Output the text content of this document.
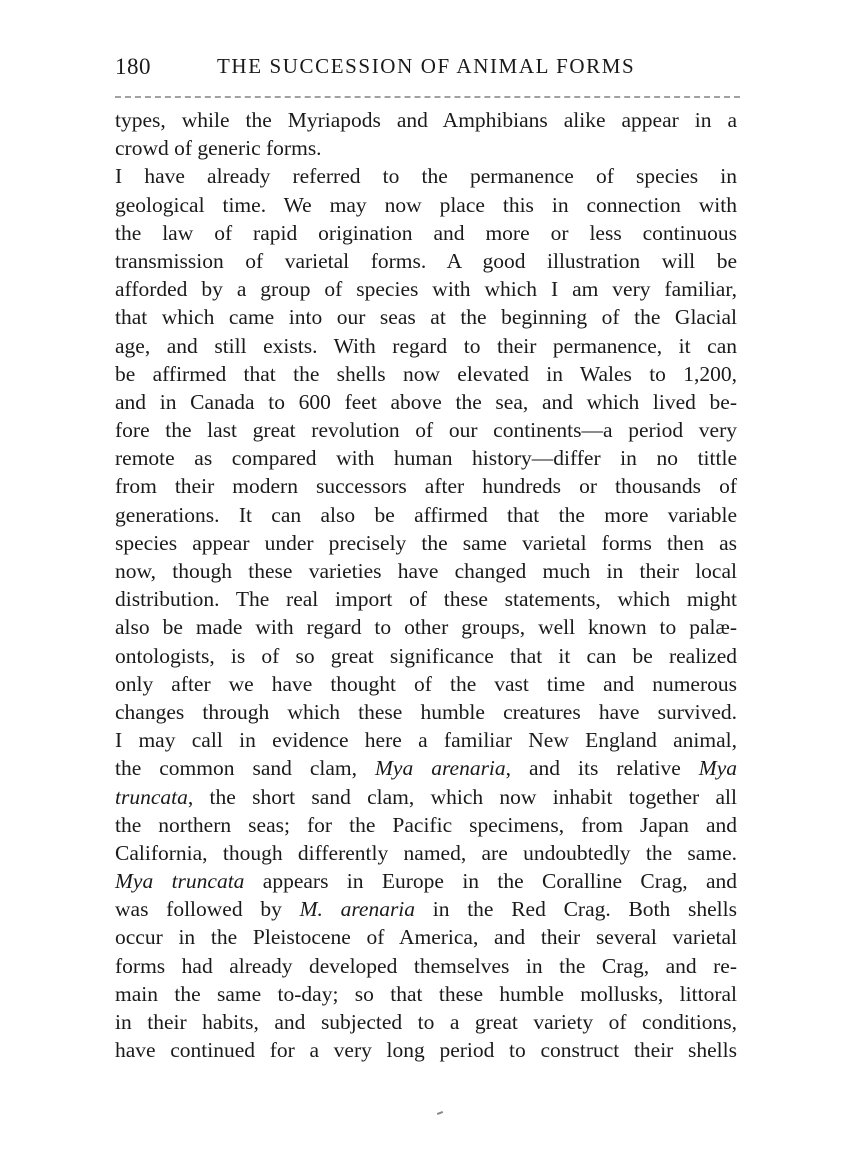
180	THE SUCCESSION OF ANIMAL FORMS
types, while the Myriapods and Amphibians alike appear in a
crowd of generic forms.
I have already referred to the permanence of species in
geological time. We may now place this in connection with
the law of rapid origination and more or less continuous
transmission of varietal forms. A good illustration will be
afforded by a group of species with which I am very familiar,
that which came into our seas at the beginning of the Glacial
age, and still exists. With regard to their permanence, it can
be affirmed that the shells now elevated in Wales to 1,200,
and in Canada to 600 feet above the sea, and which lived be-
fore the last great revolution of our continents—a period very
remote as compared with human history—differ in no tittle
from their modern successors after hundreds or thousands of
generations. It can also be affirmed that the more variable
species appear under precisely the same varietal forms then as
now, though these varieties have changed much in their local
distribution. The real import of these statements, which might
also be made with regard to other groups, well known to palæ-
ontologists, is of so great significance that it can be realized
only after we have thought of the vast time and numerous
changes through which these humble creatures have survived.
I may call in evidence here a familiar New England animal,
the common sand clam, Mya arenaria, and its relative Mya
truncata, the short sand clam, which now inhabit together all
the northern seas; for the Pacific specimens, from Japan and
California, though differently named, are undoubtedly the same.
Mya truncata appears in Europe in the Coralline Crag, and
was followed by M. arenaria in the Red Crag. Both shells
occur in the Pleistocene of America, and their several varietal
forms had already developed themselves in the Crag, and re-
main the same to-day; so that these humble mollusks, littoral
in their habits, and subjected to a great variety of conditions,
have continued for a very long period to construct their shells
